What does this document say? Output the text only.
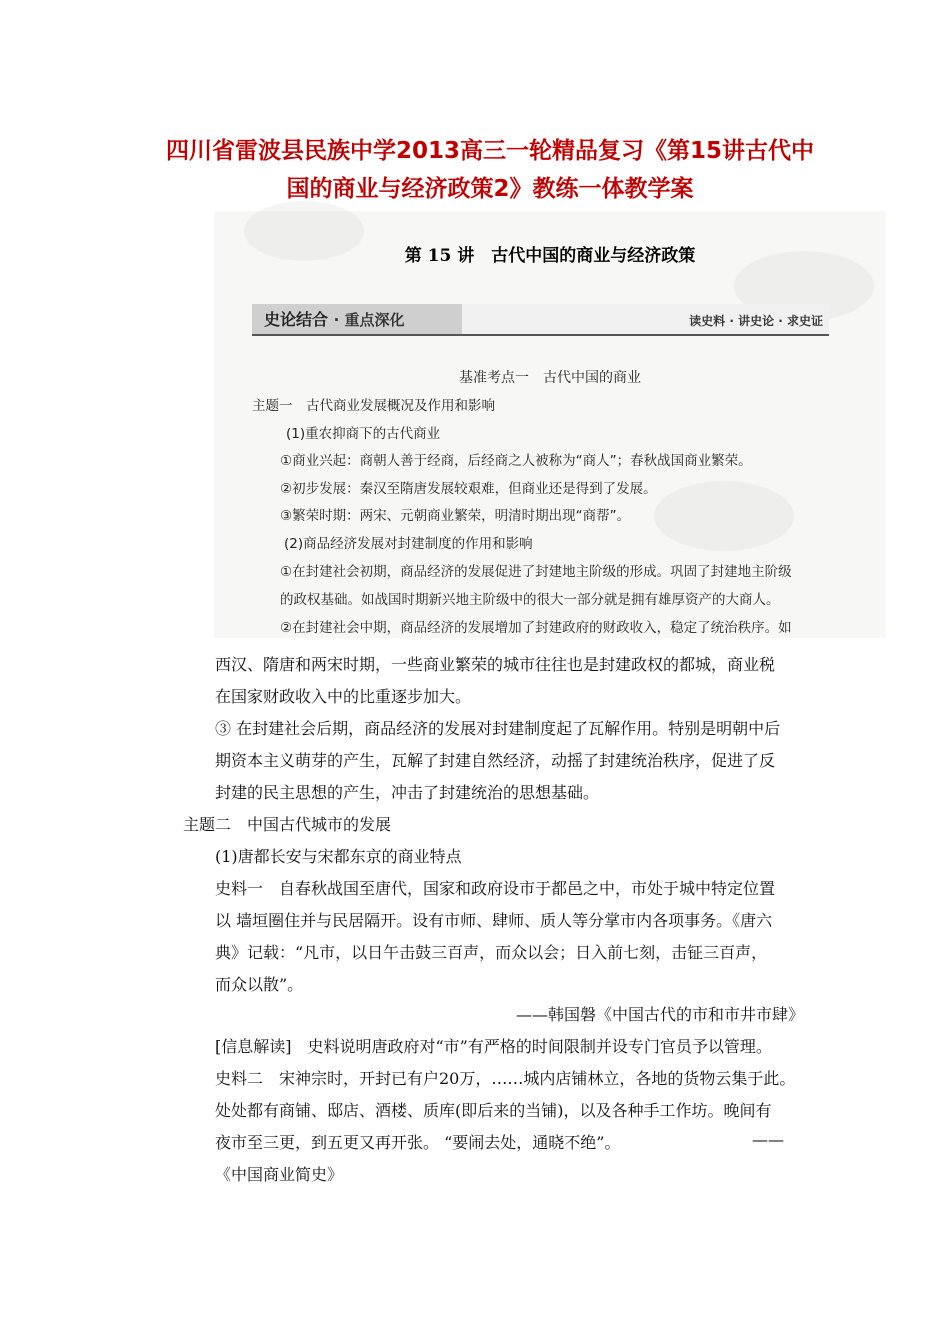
四川省雷波县民族中学2013高三一轮精品复习《第15讲古代中
国的商业与经济政策2》教练一体教学案
第 15 讲　古代中国的商业与经济政策
史论结合 · 重点深化	读史料 · 讲史论 · 求史证
基准考点一　古代中国的商业
主题一　古代商业发展概况及作用和影响
(1)重农抑商下的古代商业
①商业兴起：商朝人善于经商，后经商之人被称为“商人”；春秋战国商业繁荣。
②初步发展：秦汉至隋唐发展较艰难，但商业还是得到了发展。
③繁荣时期：两宋、元朝商业繁荣，明清时期出现“商帮”。
(2)商品经济发展对封建制度的作用和影响
①在封建社会初期，商品经济的发展促进了封建地主阶级的形成。巩固了封建地主阶级
的政权基础。如战国时期新兴地主阶级中的很大一部分就是拥有雄厚资产的大商人。
②在封建社会中期，商品经济的发展增加了封建政府的财政收入，稳定了统治秩序。如
西汉、隋唐和两宋时期，一些商业繁荣的城市往往也是封建政权的都城，商业税
在国家财政收入中的比重逐步加大。
③ 在封建社会后期，商品经济的发展对封建制度起了瓦解作用。特别是明朝中后
期资本主义萌芽的产生，瓦解了封建自然经济，动摇了封建统治秩序，促进了反
封建的民主思想的产生，冲击了封建统治的思想基础。
主题二　中国古代城市的发展
(1)唐都长安与宋都东京的商业特点
史料一　自春秋战国至唐代，国家和政府设市于都邑之中，市处于城中特定位置
以 墙垣圈住并与民居隔开。设有市师、肆师、质人等分掌市内各项事务。《唐六
典》记载：“凡市，以日午击鼓三百声，而众以会；日入前七刻，击钲三百声，
而众以散”。
——韩国磐《中国古代的市和市井市肆》
[信息解读]　史料说明唐政府对“市”有严格的时间限制并设专门官员予以管理。
史料二　宋神宗时，开封已有户20万，……城内店铺林立，各地的货物云集于此。
处处都有商铺、邸店、酒楼、质库(即后来的当铺)，以及各种手工作坊。晚间有
夜市至三更，到五更又再开张。 “要闹去处，通晓不绝”。	——
《中国商业简史》
